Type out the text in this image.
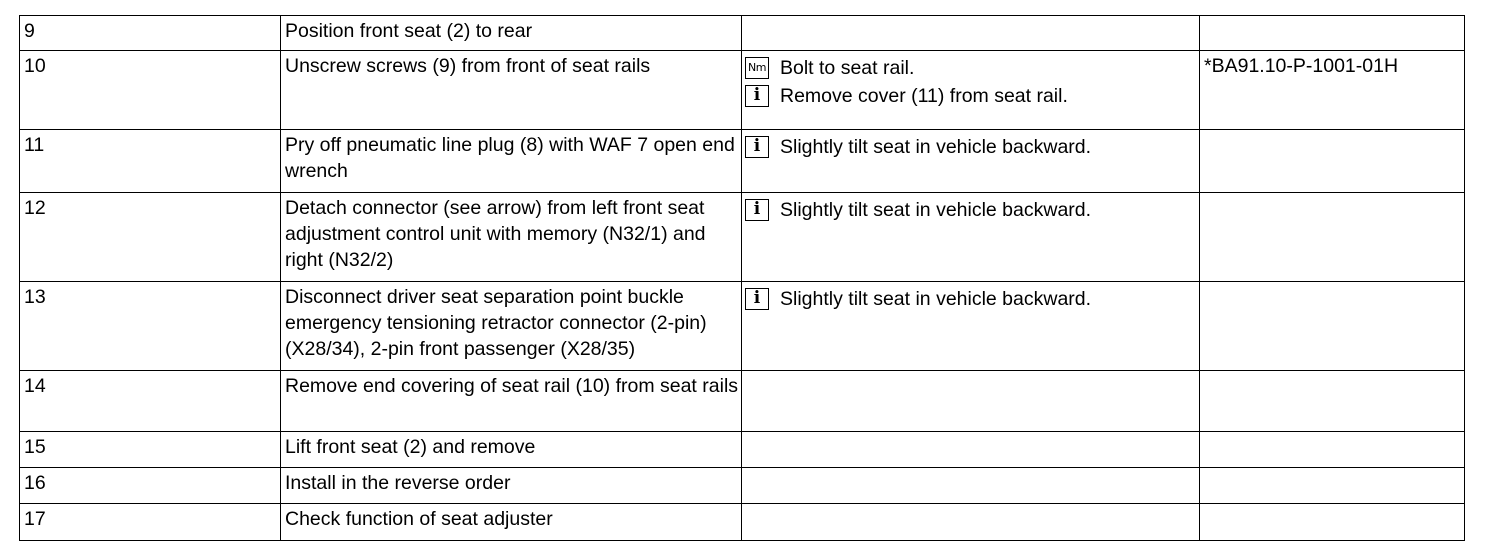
9	Position front seat (2) to rear		
10	Unscrew screws (9) from front of seat rails	Nm Bolt to seat rail.
i Remove cover (11) from seat rail.	*BA91.10-P-1001-01H
11	Pry off pneumatic line plug (8) with WAF 7 open end wrench	i Slightly tilt seat in vehicle backward.	

12	Detach connector (see arrow) from left front seat adjustment control unit with memory (N32/1) and right (N32/2)	i Slightly tilt seat in vehicle backward.	

13	Disconnect driver seat separation point buckle emergency tensioning retractor connector (2-pin) (X28/34), 2-pin front passenger (X28/35)	i Slightly tilt seat in vehicle backward.	

14	Remove end covering of seat rail (10) from seat rails		
15	Lift front seat (2) and remove		
16	Install in the reverse order		
17	Check function of seat adjuster		
